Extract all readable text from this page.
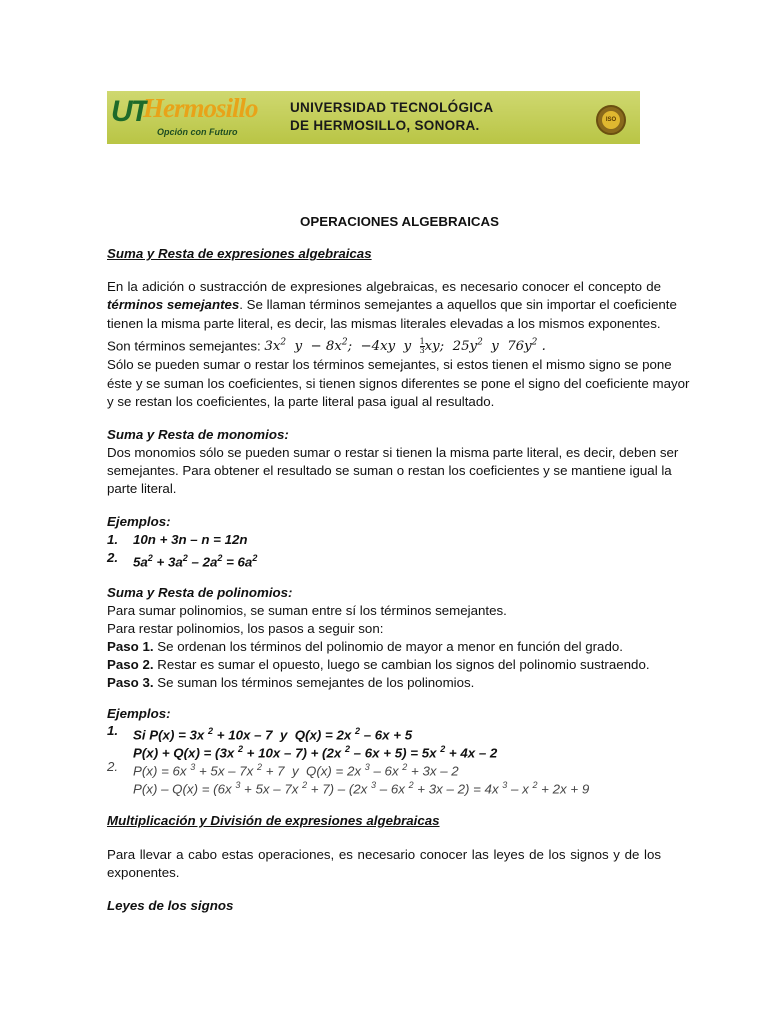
UT
Hermosillo
Opción con Futuro
UNIVERSIDAD TECNOLÓGICA
DE HERMOSILLO, SONORA.	ISO
OPERACIONES ALGEBRAICAS
Suma y Resta de expresiones algebraicas
En la adición o sustracción de expresiones algebraicas, es necesario conocer el concepto de
términos semejantes. Se llaman términos semejantes a aquellos que sin importar el coeficiente
tienen la misma parte literal, es decir, las mismas literales elevadas a los mismos exponentes.
Son términos semejantes: $3x^2$  $y - 8x^2$;  −4xy  y $\frac{1}{3}$ xy;  $25y^2$  y  $76y^2$ .
Sólo se pueden sumar o restar los términos semejantes, si estos tienen el mismo signo se pone
éste y se suman los coeficientes, si tienen signos diferentes se pone el signo del coeficiente mayor
y se restan los coeficientes, la parte literal pasa igual al resultado.
Suma y Resta de monomios:
Dos monomios sólo se pueden sumar o restar si tienen la misma parte literal, es decir, deben ser
semejantes. Para obtener el resultado se suman o restan los coeficientes y se mantiene igual la
parte literal.
Ejemplos:
1. 10n + 3n – n = 12n
2. $5a^2 + 3a^2 - 2a^2 = 6a^2$
Suma y Resta de polinomios:
Para sumar polinomios, se suman entre sí los términos semejantes.
Para restar polinomios, los pasos a seguir son:
Paso 1. Se ordenan los términos del polinomio de mayor a menor en función del grado.
Paso 2. Restar es sumar el opuesto, luego se cambian los signos del polinomio sustraendo.
Paso 3. Se suman los términos semejantes de los polinomios.
Ejemplos:
1. Si P(x) = 3x $^2$ + 10x – 7  y  Q(x) = 2x $^2$ – 6x + 5
P(x) + Q(x) = (3x $^2$ + 10x – 7) + (2x $^2$ – 6x + 5) = 5x $^2$ + 4x – 2
2. P(x) = 6x $^3$ + 5x – 7x $^2$ + 7  y  Q(x) = 2x $^3$ – 6x $^2$ + 3x – 2
P(x) – Q(x) = (6x $^3$ + 5x – 7x $^2$ + 7) – (2x $^3$ – 6x $^2$ + 3x – 2) = 4x $^3$ – x $^2$ + 2x + 9
Multiplicación y División de expresiones algebraicas
Para llevar a cabo estas operaciones, es necesario conocer las leyes de los signos y de los
exponentes.
Leyes de los signos
